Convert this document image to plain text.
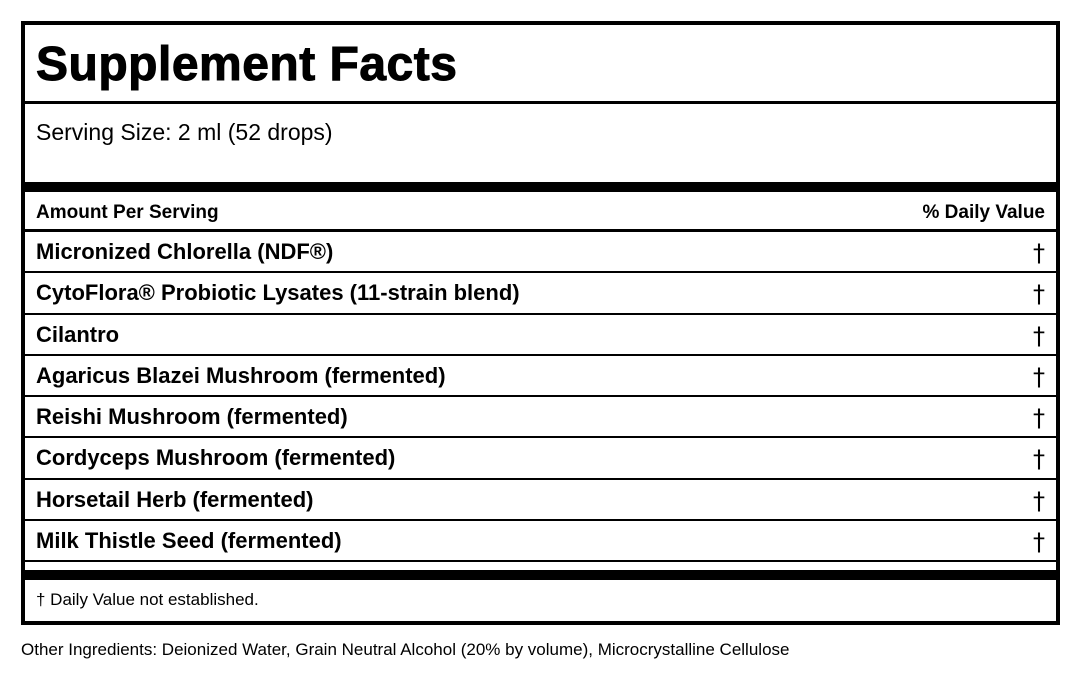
Supplement Facts
Serving Size: 2 ml (52 drops)
Amount Per Serving	% Daily Value
Micronized Chlorella (NDF®)	†
CytoFlora® Probiotic Lysates (11-strain blend)	†
Cilantro	†
Agaricus Blazei Mushroom (fermented)	†
Reishi Mushroom (fermented)	†
Cordyceps Mushroom (fermented)	†
Horsetail Herb (fermented)	†
Milk Thistle Seed (fermented)	†
† Daily Value not established.
Other Ingredients: Deionized Water, Grain Neutral Alcohol (20% by volume), Microcrystalline Cellulose
